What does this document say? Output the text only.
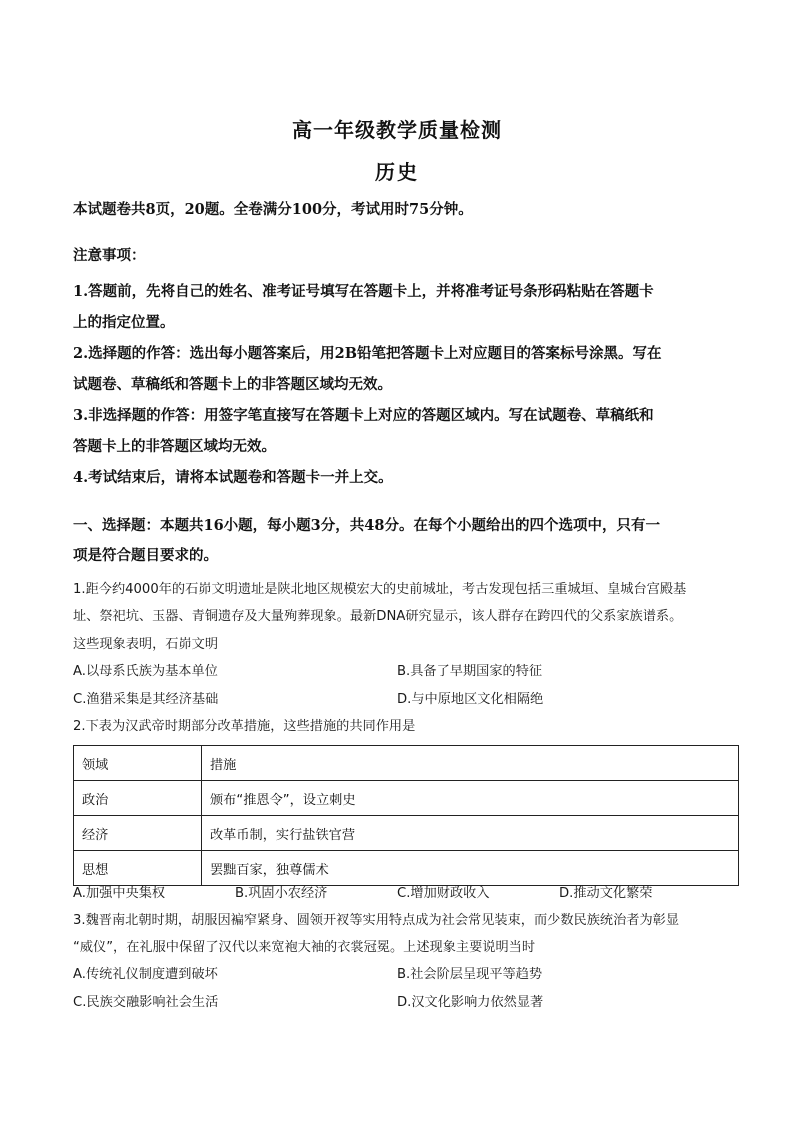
高一年级教学质量检测
历史
本试题卷共8页，20题。全卷满分100分，考试用时75分钟。
注意事项：
1.答题前，先将自己的姓名、准考证号填写在答题卡上，并将准考证号条形码粘贴在答题卡
上的指定位置。
2.选择题的作答：选出每小题答案后，用2B铅笔把答题卡上对应题目的答案标号涂黑。写在
试题卷、草稿纸和答题卡上的非答题区域均无效。
3.非选择题的作答：用签字笔直接写在答题卡上对应的答题区域内。写在试题卷、草稿纸和
答题卡上的非答题区域均无效。
4.考试结束后，请将本试题卷和答题卡一并上交。
一、选择题：本题共16小题，每小题3分，共48分。在每个小题给出的四个选项中，只有一
项是符合题目要求的。
1.距今约4000年的石峁文明遗址是陕北地区规模宏大的史前城址，考古发现包括三重城垣、皇城台宫殿基
址、祭祀坑、玉器、青铜遗存及大量殉葬现象。最新DNA研究显示，该人群存在跨四代的父系家族谱系。
这些现象表明，石峁文明
A.以母系氏族为基本单位	B.具备了早期国家的特征
C.渔猎采集是其经济基础	D.与中原地区文化相隔绝
2.下表为汉武帝时期部分改革措施，这些措施的共同作用是
领域	措施
政治	颁布“推恩令”，设立刺史
经济	改革币制，实行盐铁官营
思想	罢黜百家，独尊儒术
A.加强中央集权	B.巩固小农经济	C.增加财政收入	D.推动文化繁荣
3.魏晋南北朝时期，胡服因褊窄紧身、圆领开衩等实用特点成为社会常见装束，而少数民族统治者为彰显
“威仪”，在礼服中保留了汉代以来宽袍大袖的衣裳冠冕。上述现象主要说明当时
A.传统礼仪制度遭到破坏	B.社会阶层呈现平等趋势
C.民族交融影响社会生活	D.汉文化影响力依然显著
